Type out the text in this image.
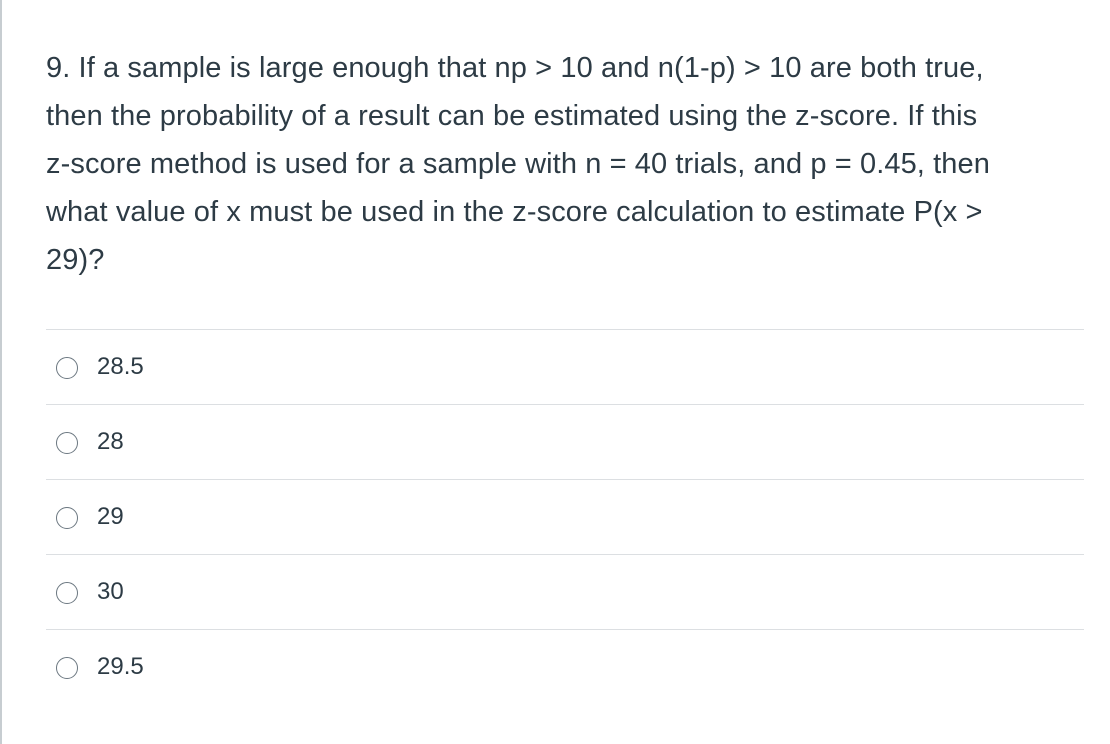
9. If a sample is large enough that np > 10 and n(1-p) > 10 are both true,
then the probability of a result can be estimated using the z-score. If this
z-score method is used for a sample with n = 40 trials, and p = 0.45, then
what value of x must be used in the z-score calculation to estimate P(x >
29)?
28.5
28
29
30
29.5
